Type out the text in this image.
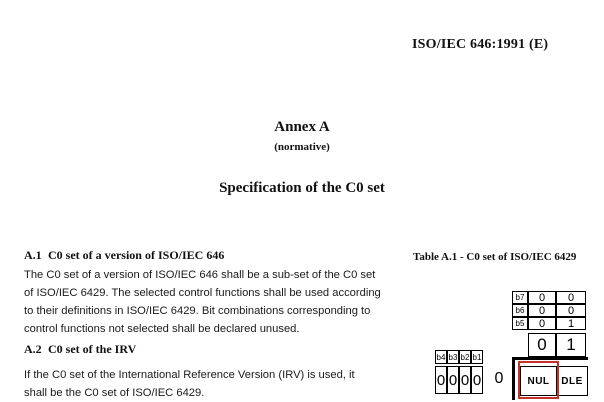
ISO/IEC 646:1991 (E)
Annex A
(normative)
Specification of the C0 set
A.1 C0 set of a version of ISO/IEC 646
The C0 set of a version of ISO/IEC 646 shall be a sub-set of the C0 set
of ISO/IEC 6429. The selected control functions shall be used according
to their definitions in ISO/IEC 6429. Bit combinations corresponding to
control functions not selected shall be declared unused.
A.2 C0 set of the IRV
If the C0 set of the International Reference Version (IRV) is used, it
shall be the C0 set of ISO/IEC 6429.
Table A.1 - C0 set of ISO/IEC 6429
b7	0	0
b6	0	0
b5	0	1
0	1
b4 b3 b2 b1
0 0 0 0 0	NUL	DLE
